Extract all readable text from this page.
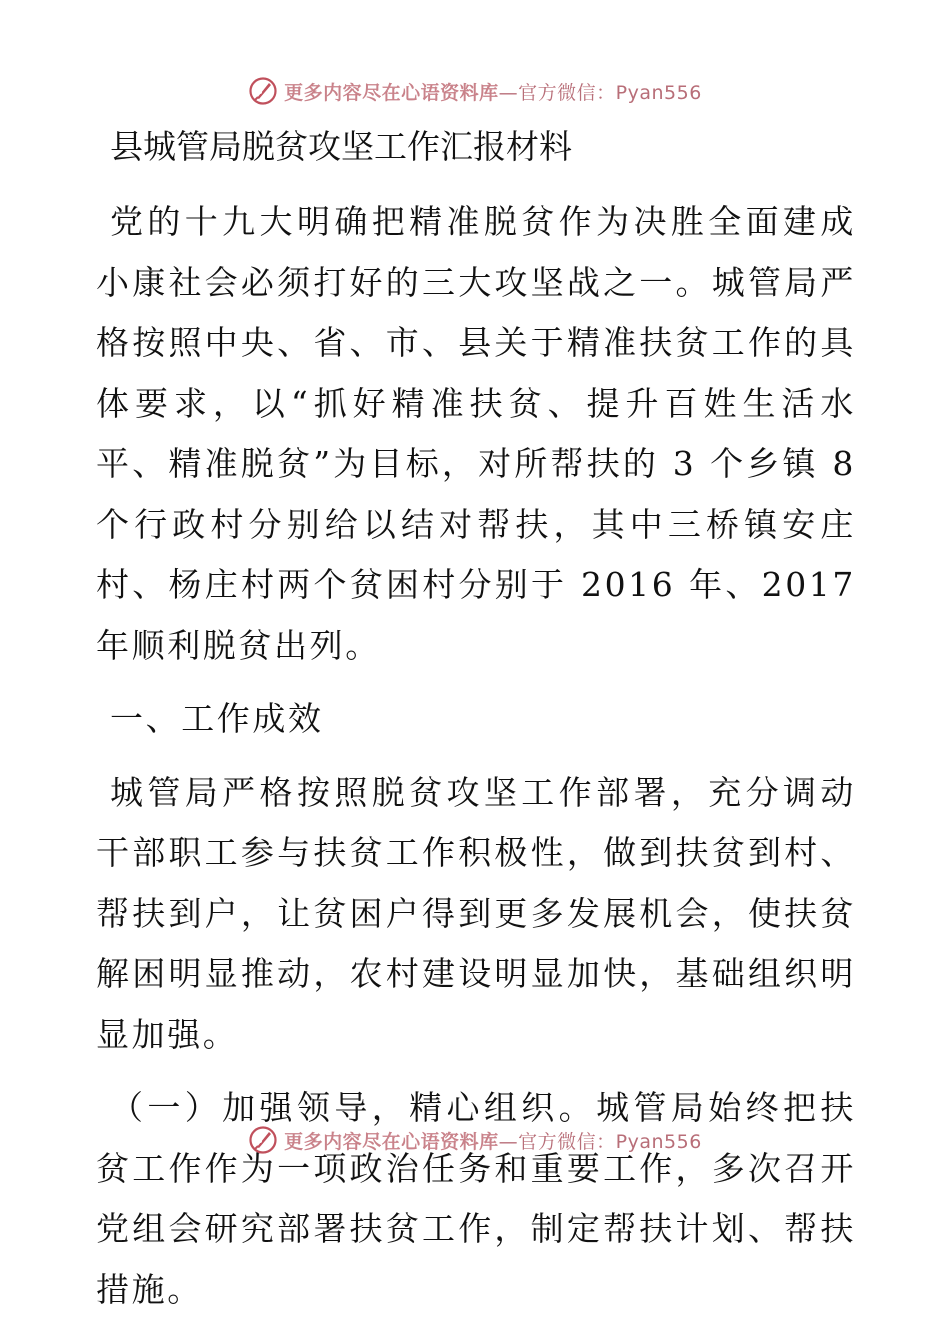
更多内容尽在心语资料库—官方微信：Pyan556
县城管局脱贫攻坚工作汇报材料

党的十九大明确把精准脱贫作为决胜全面建成小康社会必须打好的三大攻坚战之一。城管局严格按照中央、省、市、县关于精准扶贫工作的具体要求，以“抓好精准扶贫、提升百姓生活水平、精准脱贫”为目标，对所帮扶的 3 个乡镇 8 个行政村分别给以结对帮扶，其中三桥镇安庄村、杨庄村两个贫困村分别于 2016 年、2017 年顺利脱贫出列。

一、工作成效

城管局严格按照脱贫攻坚工作部署，充分调动干部职工参与扶贫工作积极性，做到扶贫到村、帮扶到户，让贫困户得到更多发展机会，使扶贫解困明显推动，农村建设明显加快，基础组织明显加强。

（一）加强领导，精心组织。城管局始终把扶贫工作作为一项政治任务和重要工作，多次召开党组会研究部署扶贫工作，制定帮扶计划、帮扶措施。

更多内容尽在心语资料库—官方微信：Pyan556
